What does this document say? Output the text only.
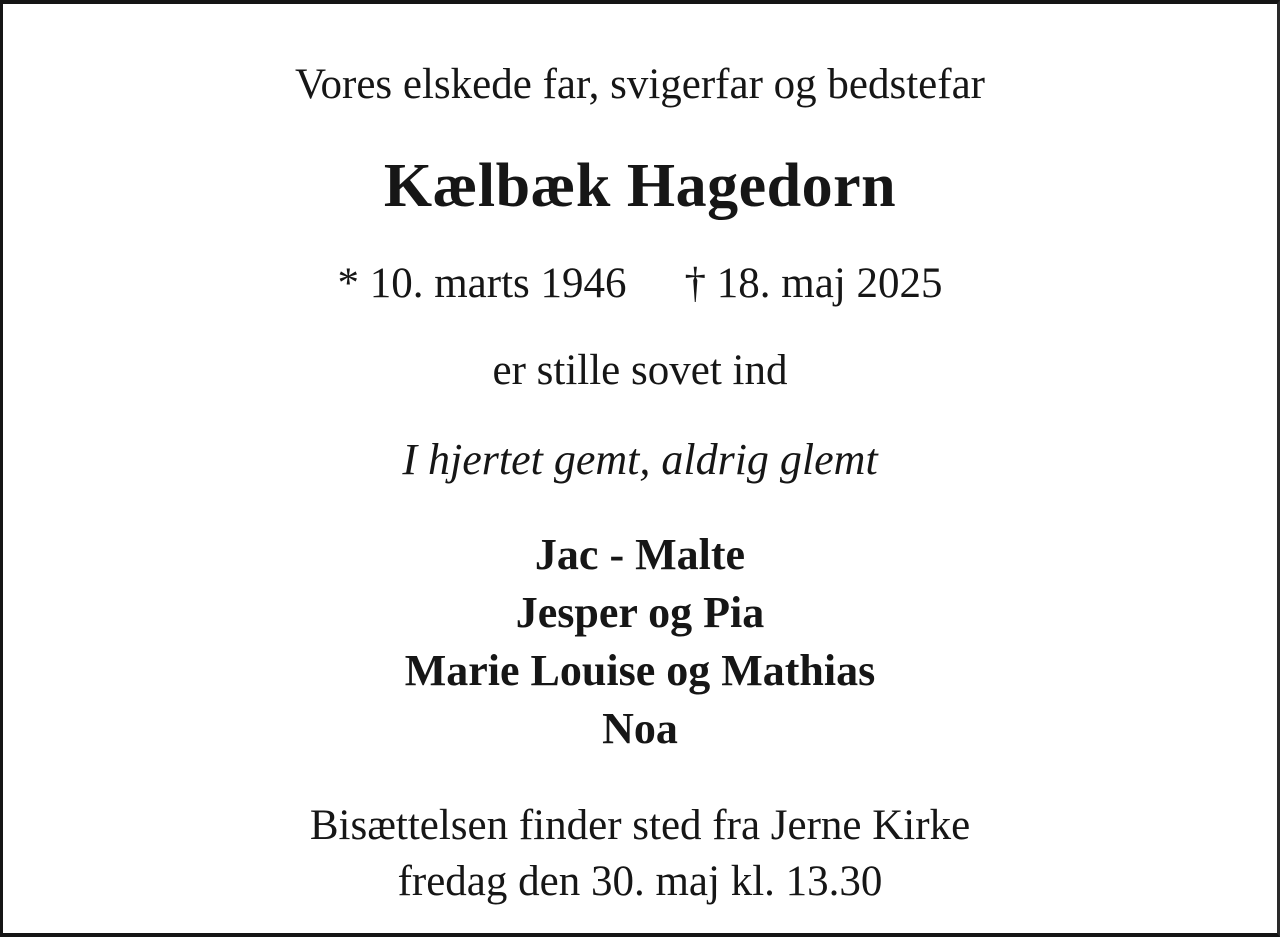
Vores elskede far, svigerfar og bedstefar
Kælbæk Hagedorn
* 10. marts 1946 † 18. maj 2025
er stille sovet ind
I hjertet gemt, aldrig glemt
Jac - Malte
Jesper og Pia
Marie Louise og Mathias
Noa
Bisættelsen finder sted fra Jerne Kirke
fredag den 30. maj kl. 13.30
